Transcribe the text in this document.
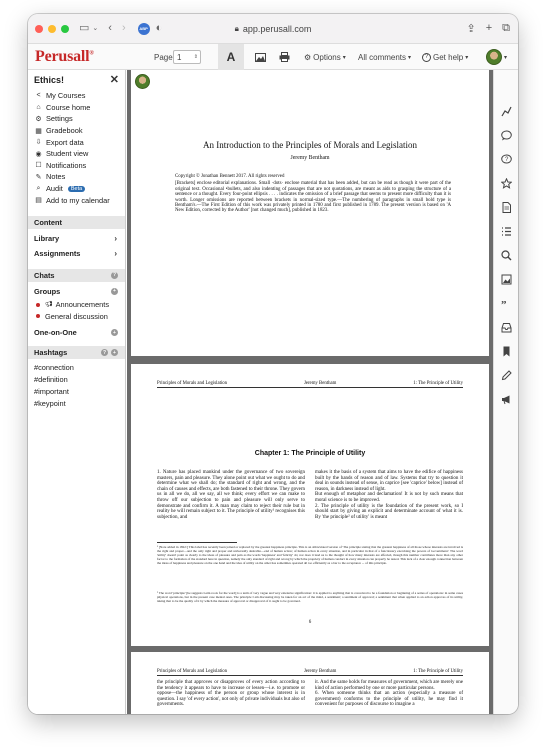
▭ ⌄ ‹ ›	ABP ◐	🔒︎ app.perusall.com	⇪ + ⧉
Perusall®	Page 1 ⇕	A	⚙ Options ▾ All comments ▾	? Get help ▾	▾
Ethics!	✕
< My Courses
⌂ Course home
⚙ Settings
▦ Gradebook
⇩ Export data
◉ Student view
☐ Notifications
✎ Notes
⌕ Audit	Beta
▤ Add to my calendar
Content
Library	›
Assignments	›
Chats	?
Groups	+
📢︎ Announcements
General discussion
One-on-One	+
Hashtags	?	+
#connection
#definition
#important
#keypoint
An Introduction to the Principles of Morals and Legislation
Jeremy Bentham
Copyright © Jonathan Bennett 2017. All rights reserved
[Brackets] enclose editorial explanations. Small ·dots· enclose material that has been added, but can be read as though it were part of the original text. Occasional •bullets, and also indenting of passages that are not quotations, are meant as aids to grasping the structure of a sentence or a thought. Every four-point ellipsis . . . . indicates the omission of a brief passage that seems to present more difficulty than it is worth. Longer omissions are reported between brackets in normal-sized type.—The numbering of paragraphs in small bold type is Bentham's.—The First Edition of this work was privately printed in 1780 and first published in 1789. The present version is based on 'A New Edition, corrected by the Author' [not changed much], published in 1823.
Principles of Morals and Legislation	Jeremy Bentham	1: The Principle of Utility
Chapter 1: The Principle of Utility
1. Nature has placed mankind under the governance of two sovereign masters, pain and pleasure. They alone point out what we ought to do and determine what we shall do; the standard of right and wrong, and the chain of causes and effects, are both fastened to their throne. They govern us in all we do, all we say, all we think; every effort we can make to throw off our subjection to pain and pleasure will only serve to demonstrate and confirm it. A man may claim to reject their rule but in reality he will remain subject to it. The principle of utility¹ recognises this subjection, and
makes it the basis of a system that aims to have the edifice of happiness built by the hands of reason and of law. Systems that try to question it deal in sounds instead of sense, in caprice [see 'caprice' below] instead of reason, in darkness instead of light.
But enough of metaphor and declamation! It is not by such means that moral science is to be improved.
2. The principle of utility is the foundation of the present work, so I should start by giving an explicit and determinate account of what it is. By 'the principle² of utility' is meant
¹ [Note added in 1822:] This label has recently been joined or replaced by the greatest happiness principle. This is an abbreviated version of 'The principle stating that the greatest happiness of all those whose interests are involved is the right and proper—and the only right and proper and universally desirable—end of human action; of human action in every situation, and in particular in that of a functionary exercising the powers of Government.' The word 'utility' doesn't point as clearly to the ideas of pleasure and pain as the words 'happiness' and 'felicity' do; nor does it lead us to the thought of how many interests are affected, though this number contributes more than any other factor to the formation of the standard here in question, namely the only standard of right and wrong by which the propriety of human conduct in every situation can properly be tested. This lack of a clear enough connection between the ideas of happiness and pleasure on the one hand and the idea of utility on the other has sometimes operated all too efficiently as a bar to the acceptance ... of this principle.
² The word 'principle' [he suggests Latin roots for the word] is a term of very vague and very extensive signification: it is applied to anything that is conceived to be a foundation or beginning of a series of operations: in some cases physical operations, but in the present case mental ones. The principle I am discussing may be taken for an act of the mind, a sentiment; a sentiment of approval; a sentiment that when applied to an action approves of its utility, taking that to be the quality of it by which the measure of approval or disapproval of it ought to be governed.
6
Principles of Morals and Legislation	Jeremy Bentham	1: The Principle of Utility
the principle that approves or disapproves of every action according to the tendency it appears to have to increase or lessen—i.e. to promote or oppose—the happiness of the person or group whose interest is in question. I say 'of every action', not only of private individuals but also of governments.
it. And the same holds for measures of government, which are merely one kind of action performed by one or more particular persons.
6. When someone thinks that an action (especially a measure of government) conforms to the principle of utility, he may find it convenient for purposes of discourse to imagine a
?
”
